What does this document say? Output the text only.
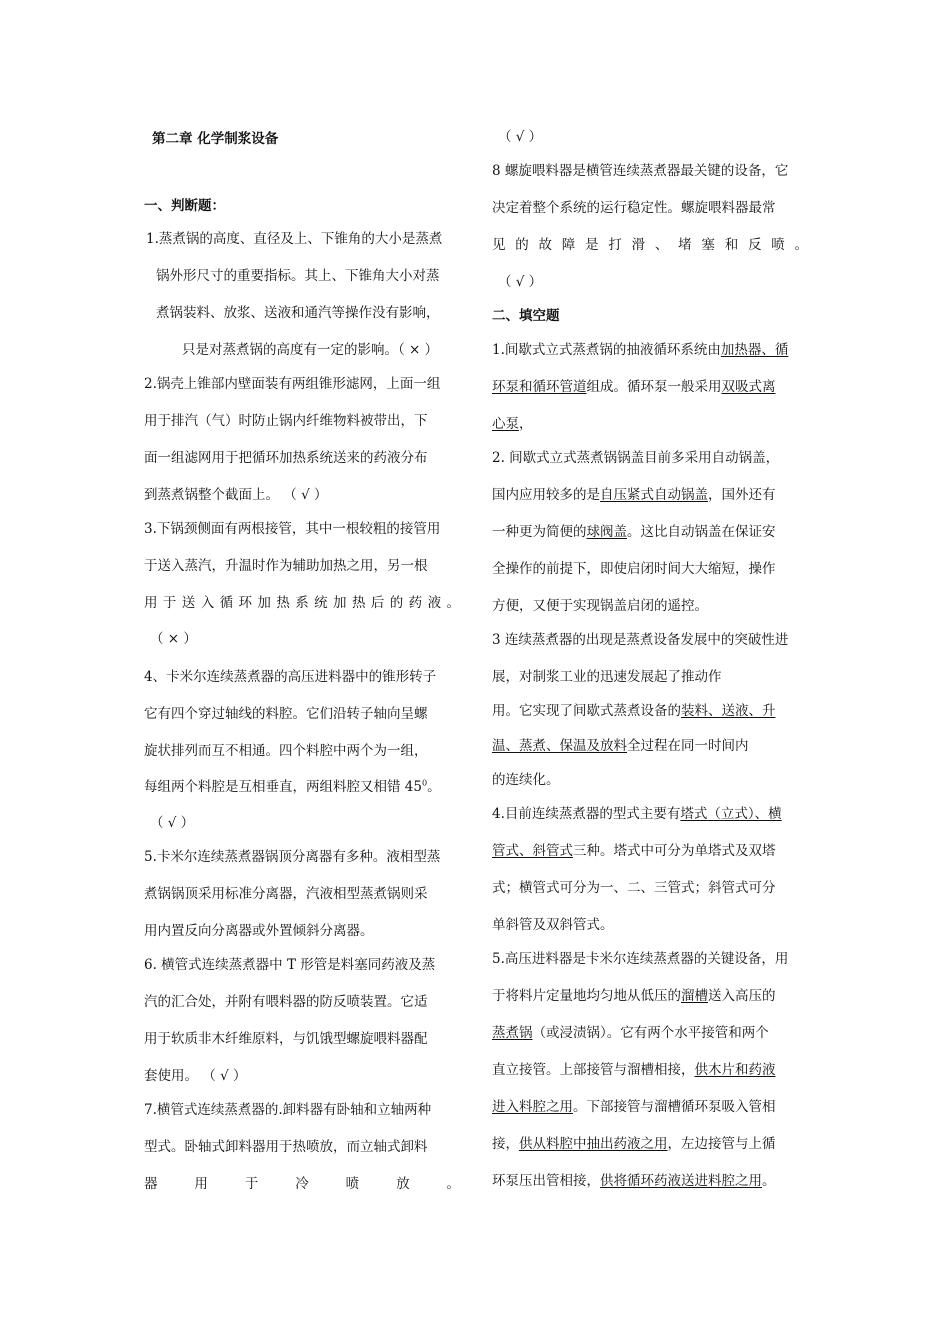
第二章 化学制浆设备
一、判断题：
1.蒸煮锅的高度、直径及上、下锥角的大小是蒸煮
锅外形尺寸的重要指标。其上、下锥角大小对蒸
煮锅装料、放浆、送液和通汽等操作没有影响，
只是对蒸煮锅的高度有一定的影响。（ × ）
2.锅壳上锥部内壁面装有两组锥形滤网，上面一组
用于排汽（气）时防止锅内纤维物料被带出，下
面一组滤网用于把循环加热系统送来的药液分布
到蒸煮锅整个截面上。 （ √ ）
3.下锅颈侧面有两根接管，其中一根较粗的接管用
于送入蒸汽，升温时作为辅助加热之用，另一根
用于送入循环加热系统加热后的药液。
（ × ）
4、卡米尔连续蒸煮器的高压进料器中的锥形转子
它有四个穿过轴线的料腔。它们沿转子轴向呈螺
旋状排列而互不相通。四个料腔中两个为一组，
每组两个料腔是互相垂直，两组料腔又相错 $45^0$。
（ √ ）
5.卡米尔连续蒸煮器锅顶分离器有多种。液相型蒸
煮锅锅顶采用标准分离器，汽液相型蒸煮锅则采
用内置反向分离器或外置倾斜分离器。
6. 横管式连续蒸煮器中 T 形管是料塞同药液及蒸
汽的汇合处，并附有喂料器的防反喷装置。它适
用于软质非木纤维原料，与饥饿型螺旋喂料器配
套使用。 （ √ ）
7.横管式连续蒸煮器的.卸料器有卧轴和立轴两种
型式。卧轴式卸料器用于热喷放，而立轴式卸料
器用于冷喷放。
（ √ ）
8 螺旋喂料器是横管连续蒸煮器最关键的设备，它
决定着整个系统的运行稳定性。螺旋喂料器最常
见的故障是打滑、堵塞和反喷。
（ √ ）
二、填空题
1.间歇式立式蒸煮锅的抽液循环系统由加热器、循
环泵和循环管道组成。循环泵一般采用双吸式离
心泵，
2. 间歇式立式蒸煮锅锅盖目前多采用自动锅盖，
国内应用较多的是自压紧式自动锅盖，国外还有
一种更为简便的球阀盖。这比自动锅盖在保证安
全操作的前提下，即使启闭时间大大缩短，操作
方便，又便于实现锅盖启闭的遥控。
3 连续蒸煮器的出现是蒸煮设备发展中的突破性进
展，对制浆工业的迅速发展起了推动作
用。它实现了间歇式蒸煮设备的装料、送液、升
温、蒸煮、保温及放料全过程在同一时间内
的连续化。
4.目前连续蒸煮器的型式主要有塔式（立式）、横
管式、斜管式三种。塔式中可分为单塔式及双塔
式；横管式可分为一、二、三管式；斜管式可分
单斜管及双斜管式。
5.高压进料器是卡米尔连续蒸煮器的关键设备，用
于将料片定量地均匀地从低压的溜槽送入高压的
蒸煮锅（或浸渍锅）。它有两个水平接管和两个
直立接管。上部接管与溜槽相接，供木片和药液
进入料腔之用。下部接管与溜槽循环泵吸入管相
接，供从料腔中抽出药液之用，左边接管与上循
环泵压出管相接，供将循环药液送进料腔之用。
